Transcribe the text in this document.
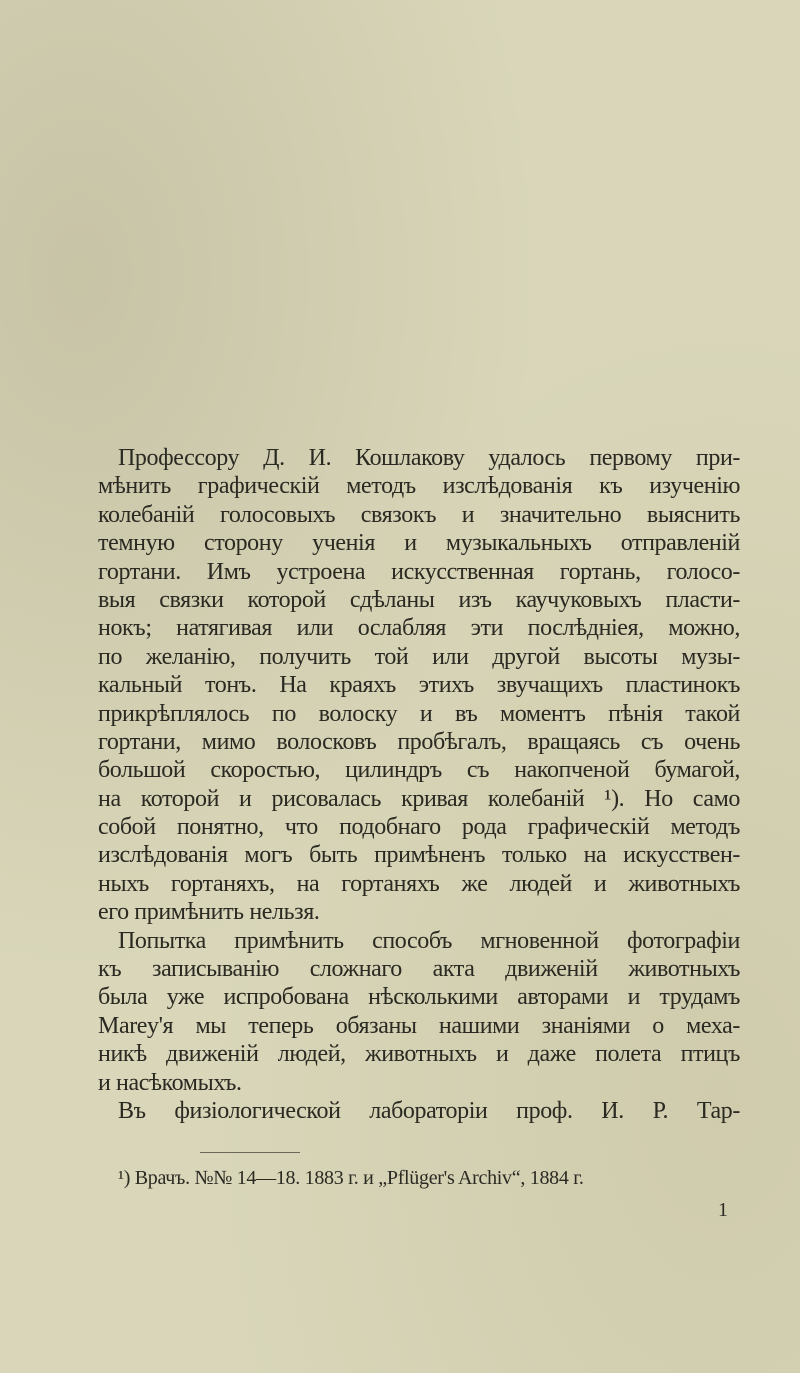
Профессору Д. И. Кошлакову удалось первому при-
мѣнить графическій методъ изслѣдованія къ изученію
колебаній голосовыхъ связокъ и значительно выяснить
темную сторону ученія и музыкальныхъ отправленій
гортани. Имъ устроена искусственная гортань, голосо-
выя связки которой сдѣланы изъ каучуковыхъ пласти-
нокъ; натягивая или ослабляя эти послѣдніея, можно,
по желанію, получить той или другой высоты музы-
кальный тонъ. На краяхъ этихъ звучащихъ пластинокъ
прикрѣплялось по волоску и въ моментъ пѣнія такой
гортани, мимо волосковъ пробѣгалъ, вращаясь съ очень
большой скоростью, цилиндръ съ накопченой бумагой,
на которой и рисовалась кривая колебаній ¹). Но само
собой понятно, что подобнаго рода графическій методъ
изслѣдованія могъ быть примѣненъ только на искусствен-
ныхъ гортаняхъ, на гортаняхъ же людей и животныхъ
его примѣнить нельзя.
Попытка примѣнить способъ мгновенной фотографіи
къ записыванію сложнаго акта движеній животныхъ
была уже испробована нѣсколькими авторами и трудамъ
Marey'я мы теперь обязаны нашими знаніями о меха-
никѣ движеній людей, животныхъ и даже полета птицъ
и насѣкомыхъ.
Въ физіологической лабораторіи проф. И. Р. Тар-
¹) Врачъ. №№ 14—18. 1883 г. и „Pflüger's Archiv“, 1884 г.
1
